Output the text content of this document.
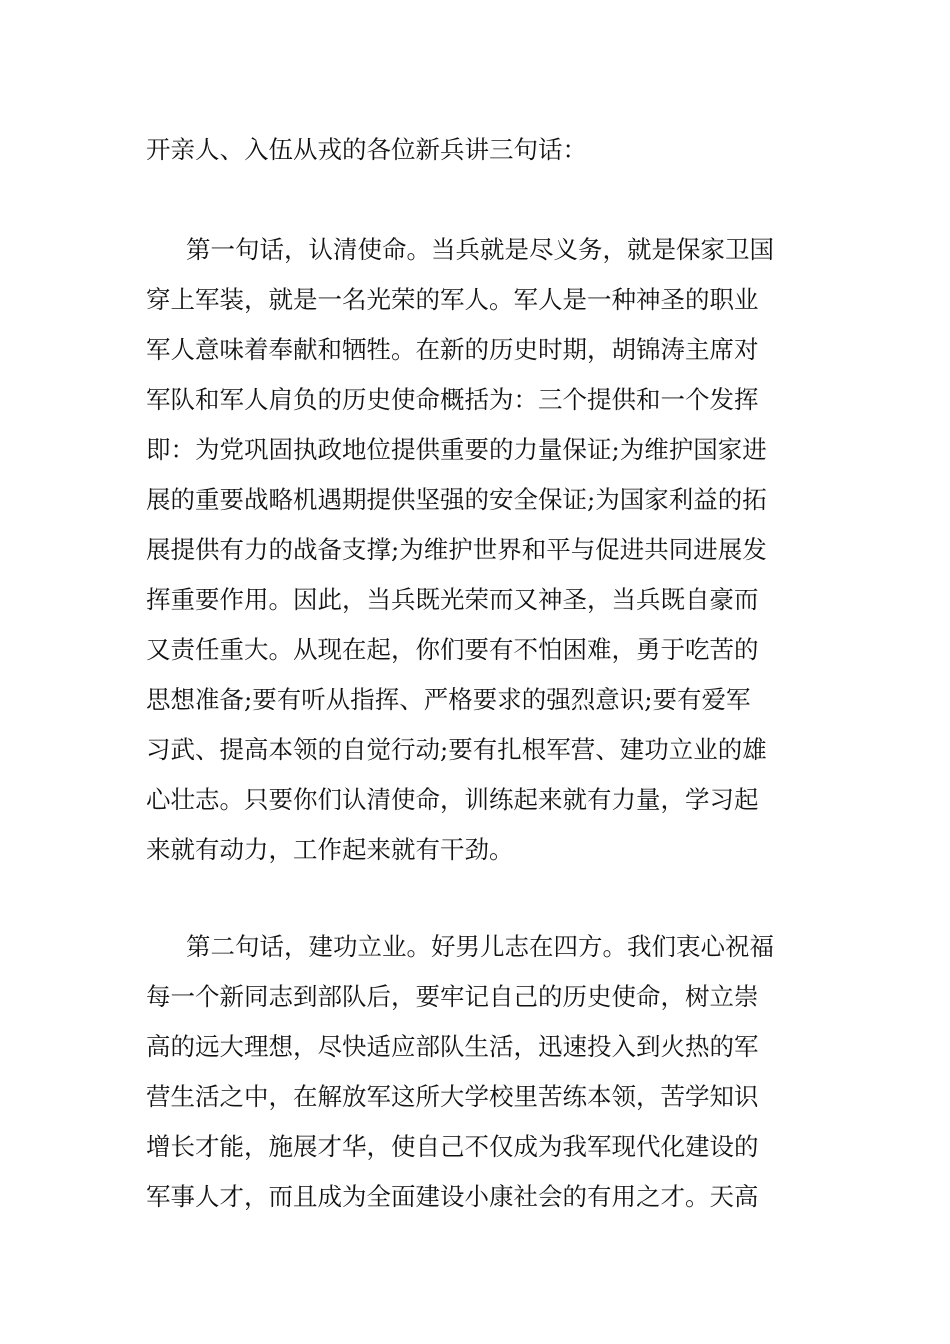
开亲人、入伍从戎的各位新兵讲三句话：
第一句话，认清使命。当兵就是尽义务，就是保家卫国
穿上军装，就是一名光荣的军人。军人是一种神圣的职业
军人意味着奉献和牺牲。在新的历史时期，胡锦涛主席对
军队和军人肩负的历史使命概括为：三个提供和一个发挥
即：为党巩固执政地位提供重要的力量保证;为维护国家进
展的重要战略机遇期提供坚强的安全保证;为国家利益的拓
展提供有力的战备支撑;为维护世界和平与促进共同进展发
挥重要作用。因此，当兵既光荣而又神圣，当兵既自豪而
又责任重大。从现在起，你们要有不怕困难，勇于吃苦的
思想准备;要有听从指挥、严格要求的强烈意识;要有爱军
习武、提高本领的自觉行动;要有扎根军营、建功立业的雄
心壮志。只要你们认清使命，训练起来就有力量，学习起
来就有动力，工作起来就有干劲。
第二句话，建功立业。好男儿志在四方。我们衷心祝福
每一个新同志到部队后，要牢记自己的历史使命，树立崇
高的远大理想，尽快适应部队生活，迅速投入到火热的军
营生活之中，在解放军这所大学校里苦练本领，苦学知识
增长才能，施展才华，使自己不仅成为我军现代化建设的
军事人才，而且成为全面建设小康社会的有用之才。天高
